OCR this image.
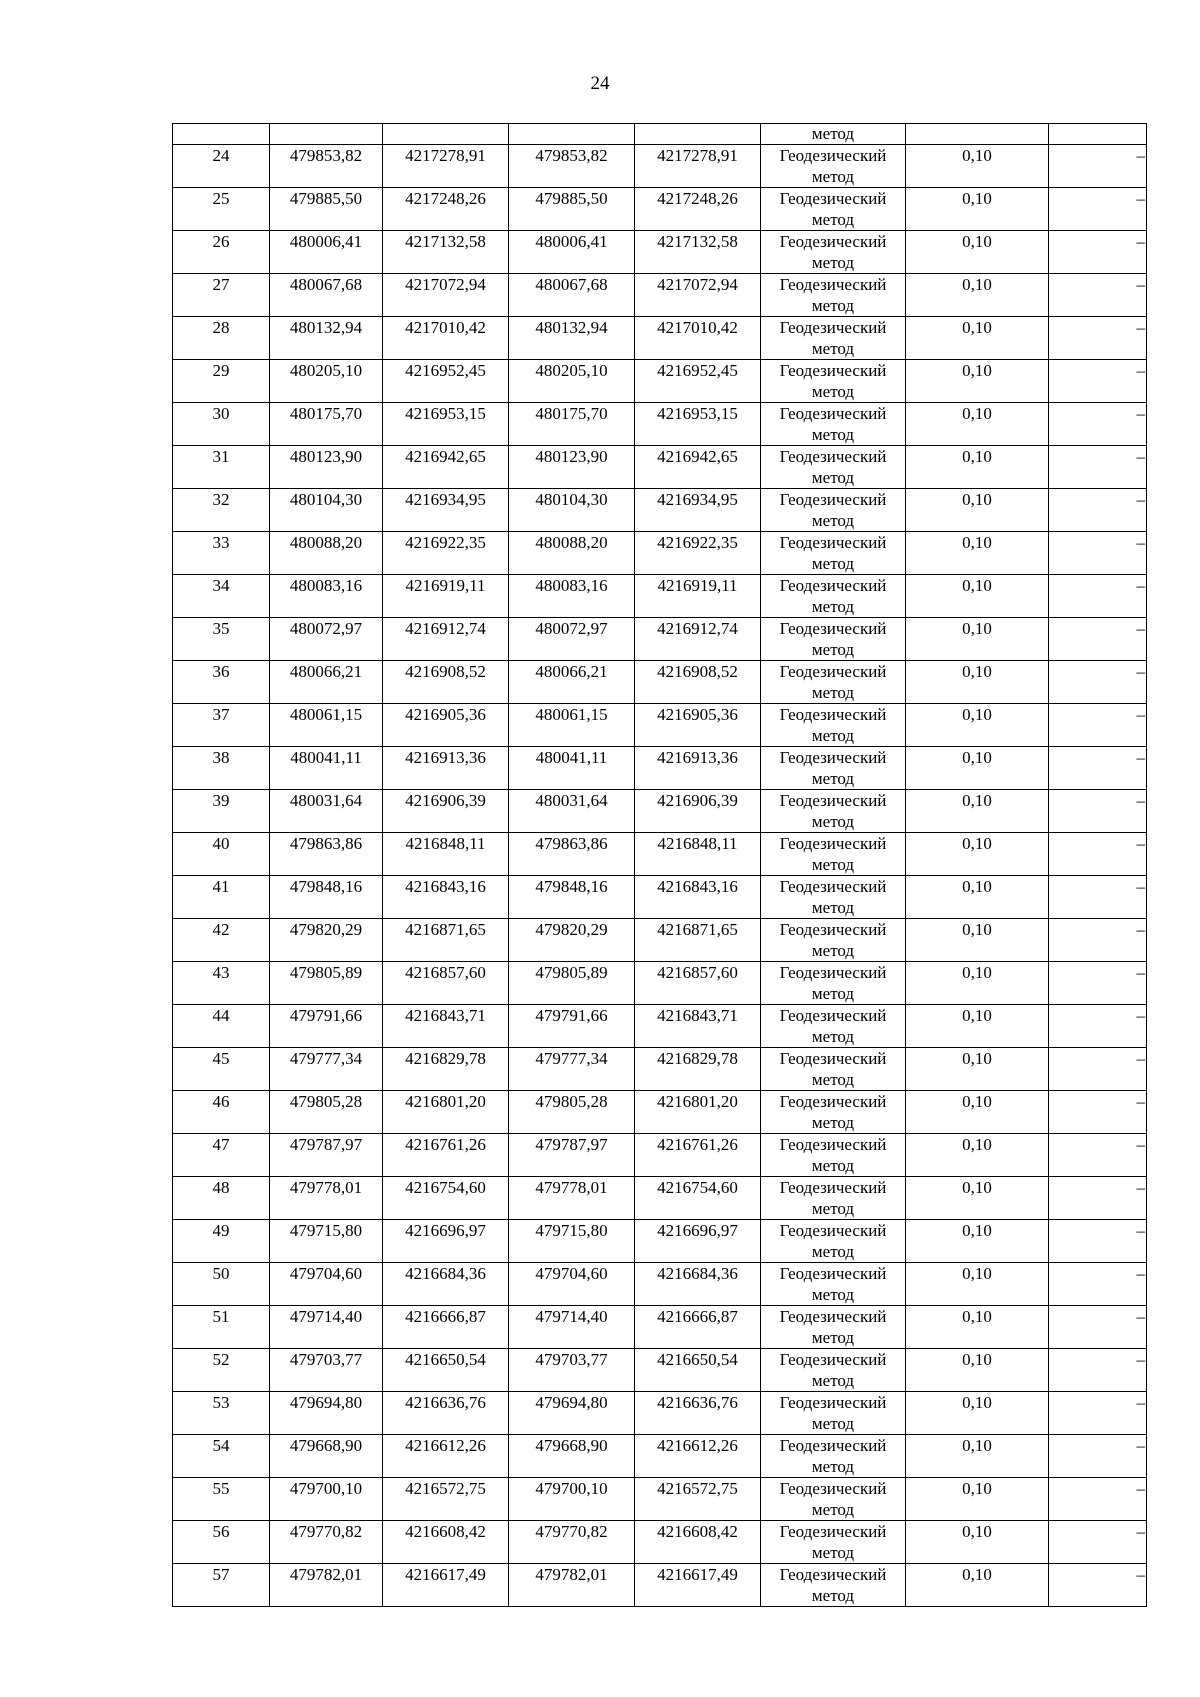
24
					метод		
24	479853,82	4217278,91	479853,82	4217278,91	Геодезический метод	0,10	–
25	479885,50	4217248,26	479885,50	4217248,26	Геодезический метод	0,10	–
26	480006,41	4217132,58	480006,41	4217132,58	Геодезический метод	0,10	–
27	480067,68	4217072,94	480067,68	4217072,94	Геодезический метод	0,10	–
28	480132,94	4217010,42	480132,94	4217010,42	Геодезический метод	0,10	–
29	480205,10	4216952,45	480205,10	4216952,45	Геодезический метод	0,10	–
30	480175,70	4216953,15	480175,70	4216953,15	Геодезический метод	0,10	–
31	480123,90	4216942,65	480123,90	4216942,65	Геодезический метод	0,10	–
32	480104,30	4216934,95	480104,30	4216934,95	Геодезический метод	0,10	–
33	480088,20	4216922,35	480088,20	4216922,35	Геодезический метод	0,10	–
34	480083,16	4216919,11	480083,16	4216919,11	Геодезический метод	0,10	–
35	480072,97	4216912,74	480072,97	4216912,74	Геодезический метод	0,10	–
36	480066,21	4216908,52	480066,21	4216908,52	Геодезический метод	0,10	–
37	480061,15	4216905,36	480061,15	4216905,36	Геодезический метод	0,10	–
38	480041,11	4216913,36	480041,11	4216913,36	Геодезический метод	0,10	–
39	480031,64	4216906,39	480031,64	4216906,39	Геодезический метод	0,10	–
40	479863,86	4216848,11	479863,86	4216848,11	Геодезический метод	0,10	–
41	479848,16	4216843,16	479848,16	4216843,16	Геодезический метод	0,10	–
42	479820,29	4216871,65	479820,29	4216871,65	Геодезический метод	0,10	–
43	479805,89	4216857,60	479805,89	4216857,60	Геодезический метод	0,10	–
44	479791,66	4216843,71	479791,66	4216843,71	Геодезический метод	0,10	–
45	479777,34	4216829,78	479777,34	4216829,78	Геодезический метод	0,10	–
46	479805,28	4216801,20	479805,28	4216801,20	Геодезический метод	0,10	–
47	479787,97	4216761,26	479787,97	4216761,26	Геодезический метод	0,10	–
48	479778,01	4216754,60	479778,01	4216754,60	Геодезический метод	0,10	–
49	479715,80	4216696,97	479715,80	4216696,97	Геодезический метод	0,10	–
50	479704,60	4216684,36	479704,60	4216684,36	Геодезический метод	0,10	–
51	479714,40	4216666,87	479714,40	4216666,87	Геодезический метод	0,10	–
52	479703,77	4216650,54	479703,77	4216650,54	Геодезический метод	0,10	–
53	479694,80	4216636,76	479694,80	4216636,76	Геодезический метод	0,10	–
54	479668,90	4216612,26	479668,90	4216612,26	Геодезический метод	0,10	–
55	479700,10	4216572,75	479700,10	4216572,75	Геодезический метод	0,10	–
56	479770,82	4216608,42	479770,82	4216608,42	Геодезический метод	0,10	–
57	479782,01	4216617,49	479782,01	4216617,49	Геодезический метод	0,10	–
